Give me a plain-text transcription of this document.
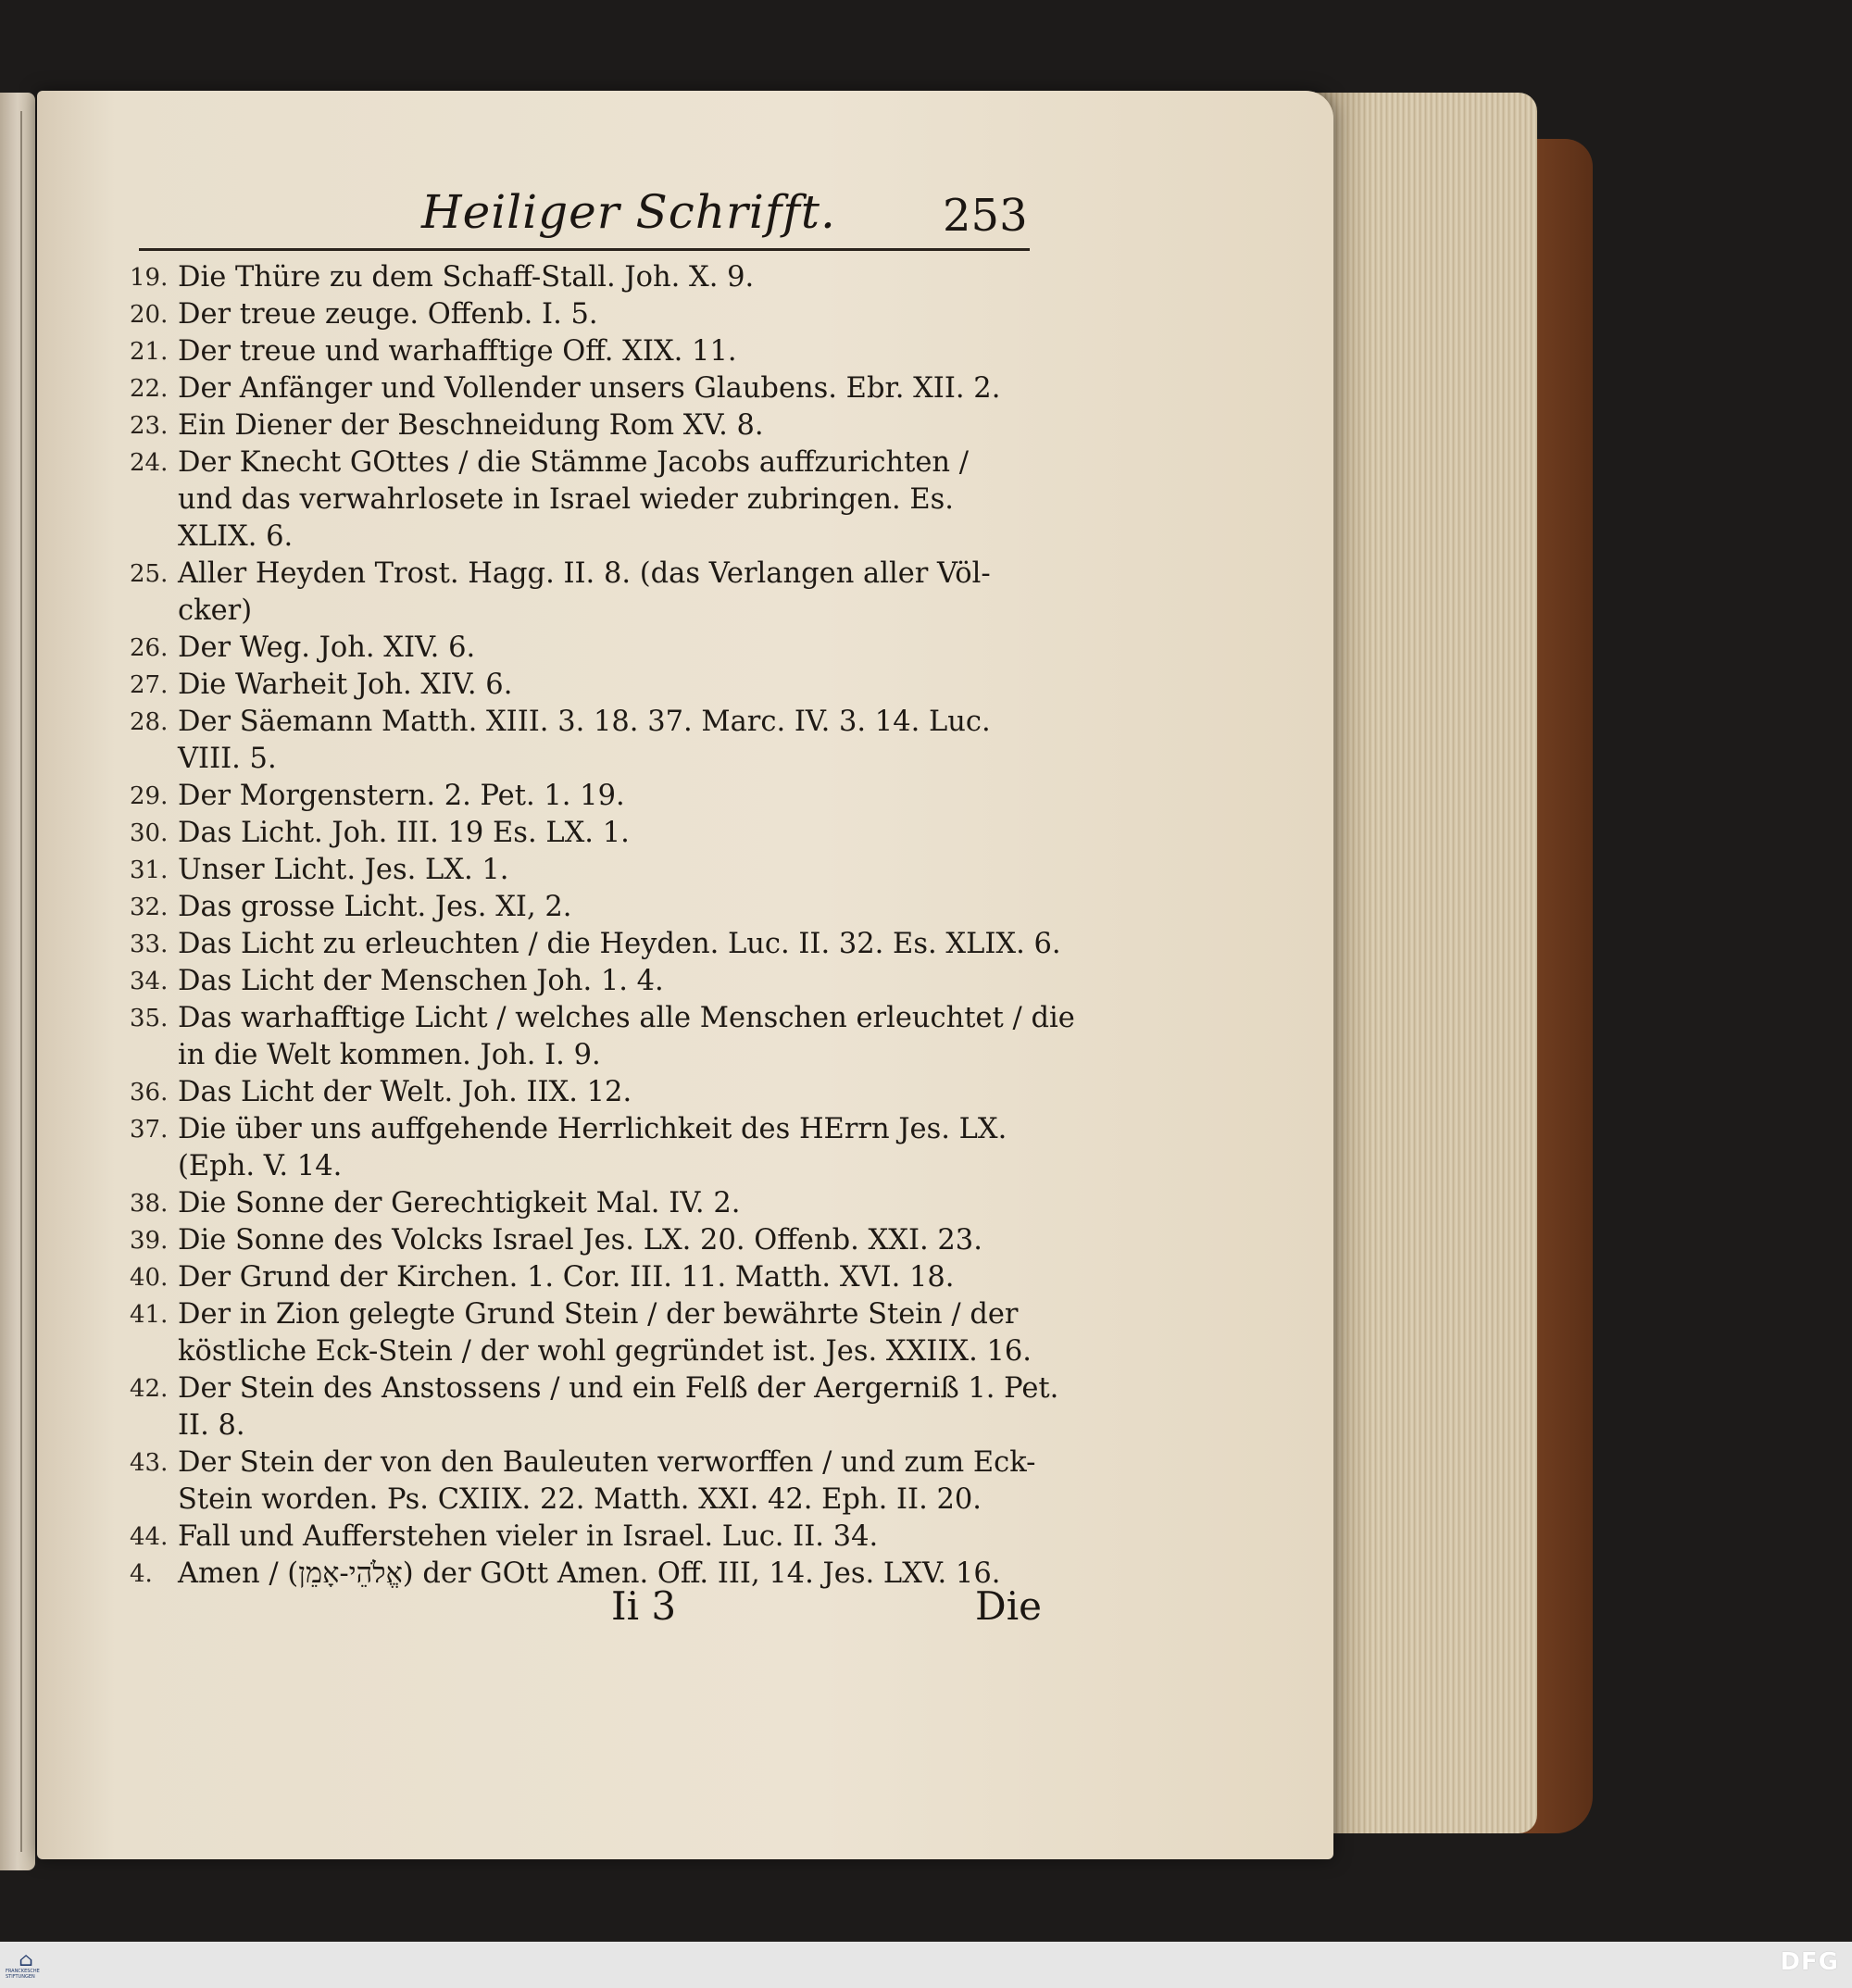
Heiliger Schrifft.	253
19. Die Thüre zu dem Schaff-Stall. Joh. X. 9.
20. Der treue zeuge. Offenb. I. 5.
21. Der treue und warhafftige Off. XIX. 11.
22. Der Anfänger und Vollender unsers Glaubens. Ebr. XII. 2.
23. Ein Diener der Beschneidung Rom XV. 8.
24. Der Knecht GOttes / die Stämme Jacobs auffzurichten /
und das verwahrlosete in Israel wieder zubringen. Es.
XLIX. 6.
25. Aller Heyden Trost. Hagg. II. 8. (das Verlangen aller Völ-
cker)
26. Der Weg. Joh. XIV. 6.
27. Die Warheit Joh. XIV. 6.
28. Der Säemann Matth. XIII. 3. 18. 37. Marc. IV. 3. 14. Luc.
VIII. 5.
29. Der Morgenstern. 2. Pet. 1. 19.
30. Das Licht. Joh. III. 19 Es. LX. 1.
31. Unser Licht. Jes. LX. 1.
32. Das grosse Licht. Jes. XI, 2.
33. Das Licht zu erleuchten / die Heyden. Luc. II. 32. Es. XLIX. 6.
34. Das Licht der Menschen Joh. 1. 4.
35. Das warhafftige Licht / welches alle Menschen erleuchtet / die
in die Welt kommen. Joh. I. 9.
36. Das Licht der Welt. Joh. IIX. 12.
37. Die über uns auffgehende Herrlichkeit des HErrn Jes. LX.
(Eph. V. 14.
38. Die Sonne der Gerechtigkeit Mal. IV. 2.
39. Die Sonne des Volcks Israel Jes. LX. 20. Offenb. XXI. 23.
40. Der Grund der Kirchen. 1. Cor. III. 11. Matth. XVI. 18.
41. Der in Zion gelegte Grund Stein / der bewährte Stein / der
köstliche Eck-Stein / der wohl gegründet ist. Jes. XXIIX. 16.
42. Der Stein des Anstossens / und ein Felß der Aergerniß 1. Pet.
II. 8.
43. Der Stein der von den Bauleuten verworffen / und zum Eck-
Stein worden. Ps. CXIIX. 22. Matth. XXI. 42. Eph. II. 20.
44. Fall und Aufferstehen vieler in Israel. Luc. II. 34.
4. Amen / (אֱלֹהֵי-אָמֵן) der GOtt Amen. Off. III, 14. Jes. LXV. 16.
Ii 3	Die
⌂
FRANCKESCHE STIFTUNGEN
DFG
